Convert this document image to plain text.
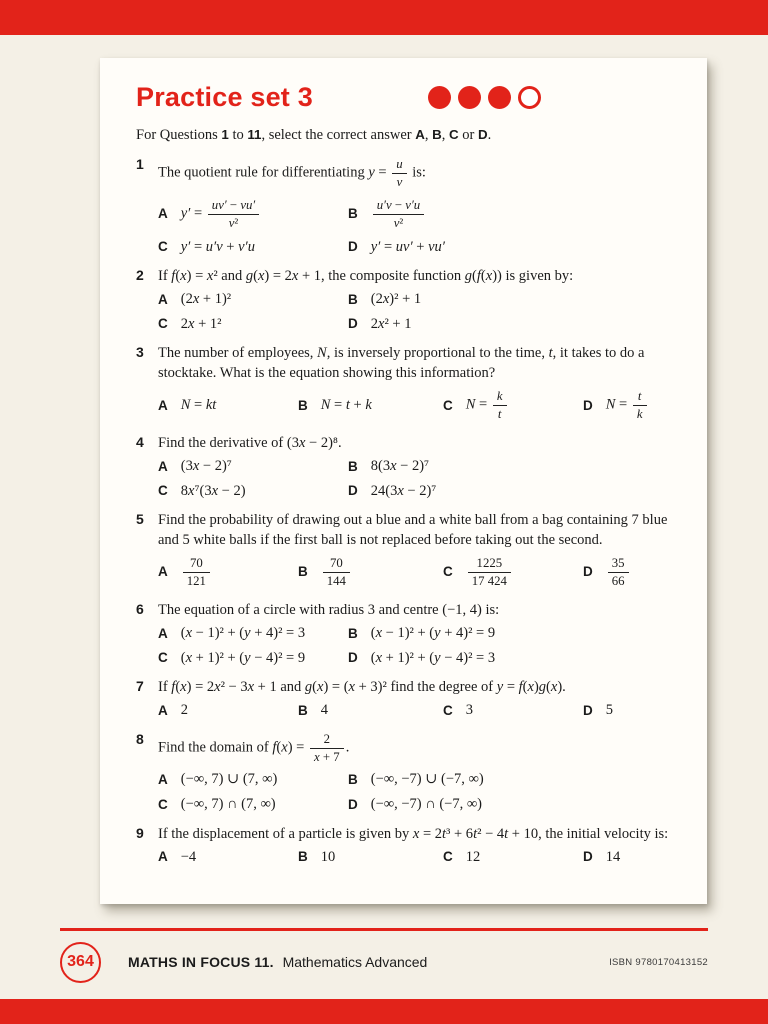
Practice set 3

For Questions 1 to 11, select the correct answer A, B, C or D.

1
The quotient rule for differentiating $y = \frac{u}{v}$ is:
A $y' = \frac{uv' - vu'}{\text{v²}}$	B $\frac{u'v - v'u}{\text{v²}}$
C y′ = u′v + v′u	D y′ = uv′ + vu′
2 If f(x) = x² and g(x) = 2x + 1, the composite function g(f(x)) is given by:
A (2x + 1)²	B (2x)² + 1
C 2x + 1²	D 2x² + 1
3 The number of employees, N, is inversely proportional to the time, t, it takes to do a stocktake. What is the equation showing this information?
A N = kt	B N = t + k	C $N = \frac{k}{t}$	D $N = \frac{t}{k}$
4 Find the derivative of (3x − 2)⁸.
A (3x − 2)⁷	B 8(3x − 2)⁷
C 8x⁷(3x − 2)	D 24(3x − 2)⁷
5 Find the probability of drawing out a blue and a white ball from a bag containing 7 blue and 5 white balls if the first ball is not replaced before taking out the second.
A $\frac{70}{121}$	B $\frac{70}{144}$	C $\frac{1225}{17 424}$	D $\frac{35}{66}$
6 The equation of a circle with radius 3 and centre (−1, 4) is:
A (x − 1)² + (y + 4)² = 3	B (x − 1)² + (y + 4)² = 9
C (x + 1)² + (y − 4)² = 9	D (x + 1)² + (y − 4)² = 3
7 If f(x) = 2x² − 3x + 1 and g(x) = (x + 3)² find the degree of y = f(x)g(x).
A 2	B 4	C 3	D 5
8
Find the domain of $f(x) = \frac{2}{x + 7}$ .
A (−∞, 7) ∪ (7, ∞)	B (−∞, −7) ∪ (−7, ∞)
C (−∞, 7) ∩ (7, ∞)	D (−∞, −7) ∩ (−7, ∞)
9 If the displacement of a particle is given by x = 2t³ + 6t² − 4t + 10, the initial velocity is:
A −4	B 10	C 12	D 14
364	MATHS IN FOCUS 11. Mathematics Advanced	ISBN 9780170413152
